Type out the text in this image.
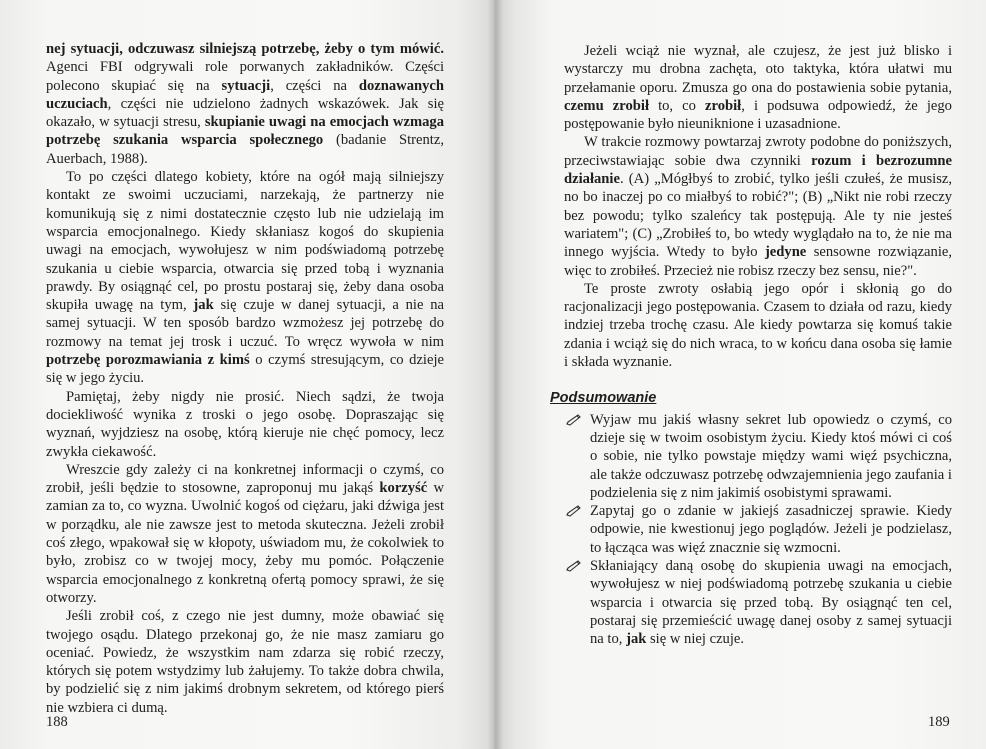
nej sytuacji, odczuwasz silniejszą potrzebę, żeby o tym mówić. Agenci FBI odgrywali role porwanych zakładników. Części polecono skupiać się na sytuacji, części na doznawanych uczuciach, części nie udzielono żadnych wskazówek. Jak się okazało, w sytuacji stresu, skupianie uwagi na emocjach wzmaga potrzebę szukania wsparcia społecznego (badanie Strentz, Auerbach, 1988).

To po części dlatego kobiety, które na ogół mają silniejszy kontakt ze swoimi uczuciami, narzekają, że partnerzy nie komunikują się z nimi dostatecznie często lub nie udzielają im wsparcia emocjonalnego. Kiedy skłaniasz kogoś do skupienia uwagi na emocjach, wywołujesz w nim podświadomą potrzebę szukania u ciebie wsparcia, otwarcia się przed tobą i wyznania prawdy. By osiągnąć cel, po prostu postaraj się, żeby dana osoba skupiła uwagę na tym, jak się czuje w danej sytuacji, a nie na samej sytuacji. W ten sposób bardzo wzmożesz jej potrzebę do rozmowy na temat jej trosk i uczuć. To wręcz wywoła w nim potrzebę porozmawiania z kimś o czymś stresującym, co dzieje się w jego życiu.

Pamiętaj, żeby nigdy nie prosić. Niech sądzi, że twoja dociekliwość wynika z troski o jego osobę. Dopraszając się wyznań, wyjdziesz na osobę, którą kieruje nie chęć pomocy, lecz zwykła ciekawość.

Wreszcie gdy zależy ci na konkretnej informacji o czymś, co zrobił, jeśli będzie to stosowne, zaproponuj mu jakąś korzyść w zamian za to, co wyzna. Uwolnić kogoś od ciężaru, jaki dźwiga jest w porządku, ale nie zawsze jest to metoda skuteczna. Jeżeli zrobił coś złego, wpakował się w kłopoty, uświadom mu, że cokolwiek to było, zrobisz co w twojej mocy, żeby mu pomóc. Połączenie wsparcia emocjonalnego z konkretną ofertą pomocy sprawi, że się otworzy.

Jeśli zrobił coś, z czego nie jest dumny, może obawiać się twojego osądu. Dlatego przekonaj go, że nie masz zamiaru go oceniać. Powiedz, że wszystkim nam zdarza się robić rzeczy, których się potem wstydzimy lub żałujemy. To także dobra chwila, by podzielić się z nim jakimś drobnym sekretem, od którego pierś nie wzbiera ci dumą.

188

Jeżeli wciąż nie wyznał, ale czujesz, że jest już blisko i wystarczy mu drobna zachęta, oto taktyka, która ułatwi mu przełamanie oporu. Zmusza go ona do postawienia sobie pytania, czemu zrobił to, co zrobił, i podsuwa odpowiedź, że jego postępowanie było nieuniknione i uzasadnione.

W trakcie rozmowy powtarzaj zwroty podobne do poniższych, przeciwstawiając sobie dwa czynniki rozum i bezrozumne działanie. (A) „Mógłbyś to zrobić, tylko jeśli czułeś, że musisz, no bo inaczej po co miałbyś to robić?"; (B) „Nikt nie robi rzeczy bez powodu; tylko szaleńcy tak postępują. Ale ty nie jesteś wariatem"; (C) „Zrobiłeś to, bo wtedy wyglądało na to, że nie ma innego wyjścia. Wtedy to było jedyne sensowne rozwiązanie, więc to zrobiłeś. Przecież nie robisz rzeczy bez sensu, nie?".

Te proste zwroty osłabią jego opór i skłonią go do racjonalizacji jego postępowania. Czasem to działa od razu, kiedy indziej trzeba trochę czasu. Ale kiedy powtarza się komuś takie zdania i wciąż się do nich wraca, to w końcu dana osoba się łamie i składa wyznanie.

Podsumowanie
Wyjaw mu jakiś własny sekret lub opowiedz o czymś, co dzieje się w twoim osobistym życiu. Kiedy ktoś mówi ci coś o sobie, nie tylko powstaje między wami więź psychiczna, ale także odczuwasz potrzebę odwzajemnienia jego zaufania i podzielenia się z nim jakimiś osobistymi sprawami.
Zapytaj go o zdanie w jakiejś zasadniczej sprawie. Kiedy odpowie, nie kwestionuj jego poglądów. Jeżeli je podzielasz, to łącząca was więź znacznie się wzmocni.
Skłaniający daną osobę do skupienia uwagi na emocjach, wywołujesz w niej podświadomą potrzebę szukania u ciebie wsparcia i otwarcia się przed tobą. By osiągnąć ten cel, postaraj się przemieścić uwagę danej osoby z samej sytuacji na to, jak się w niej czuje.
189
